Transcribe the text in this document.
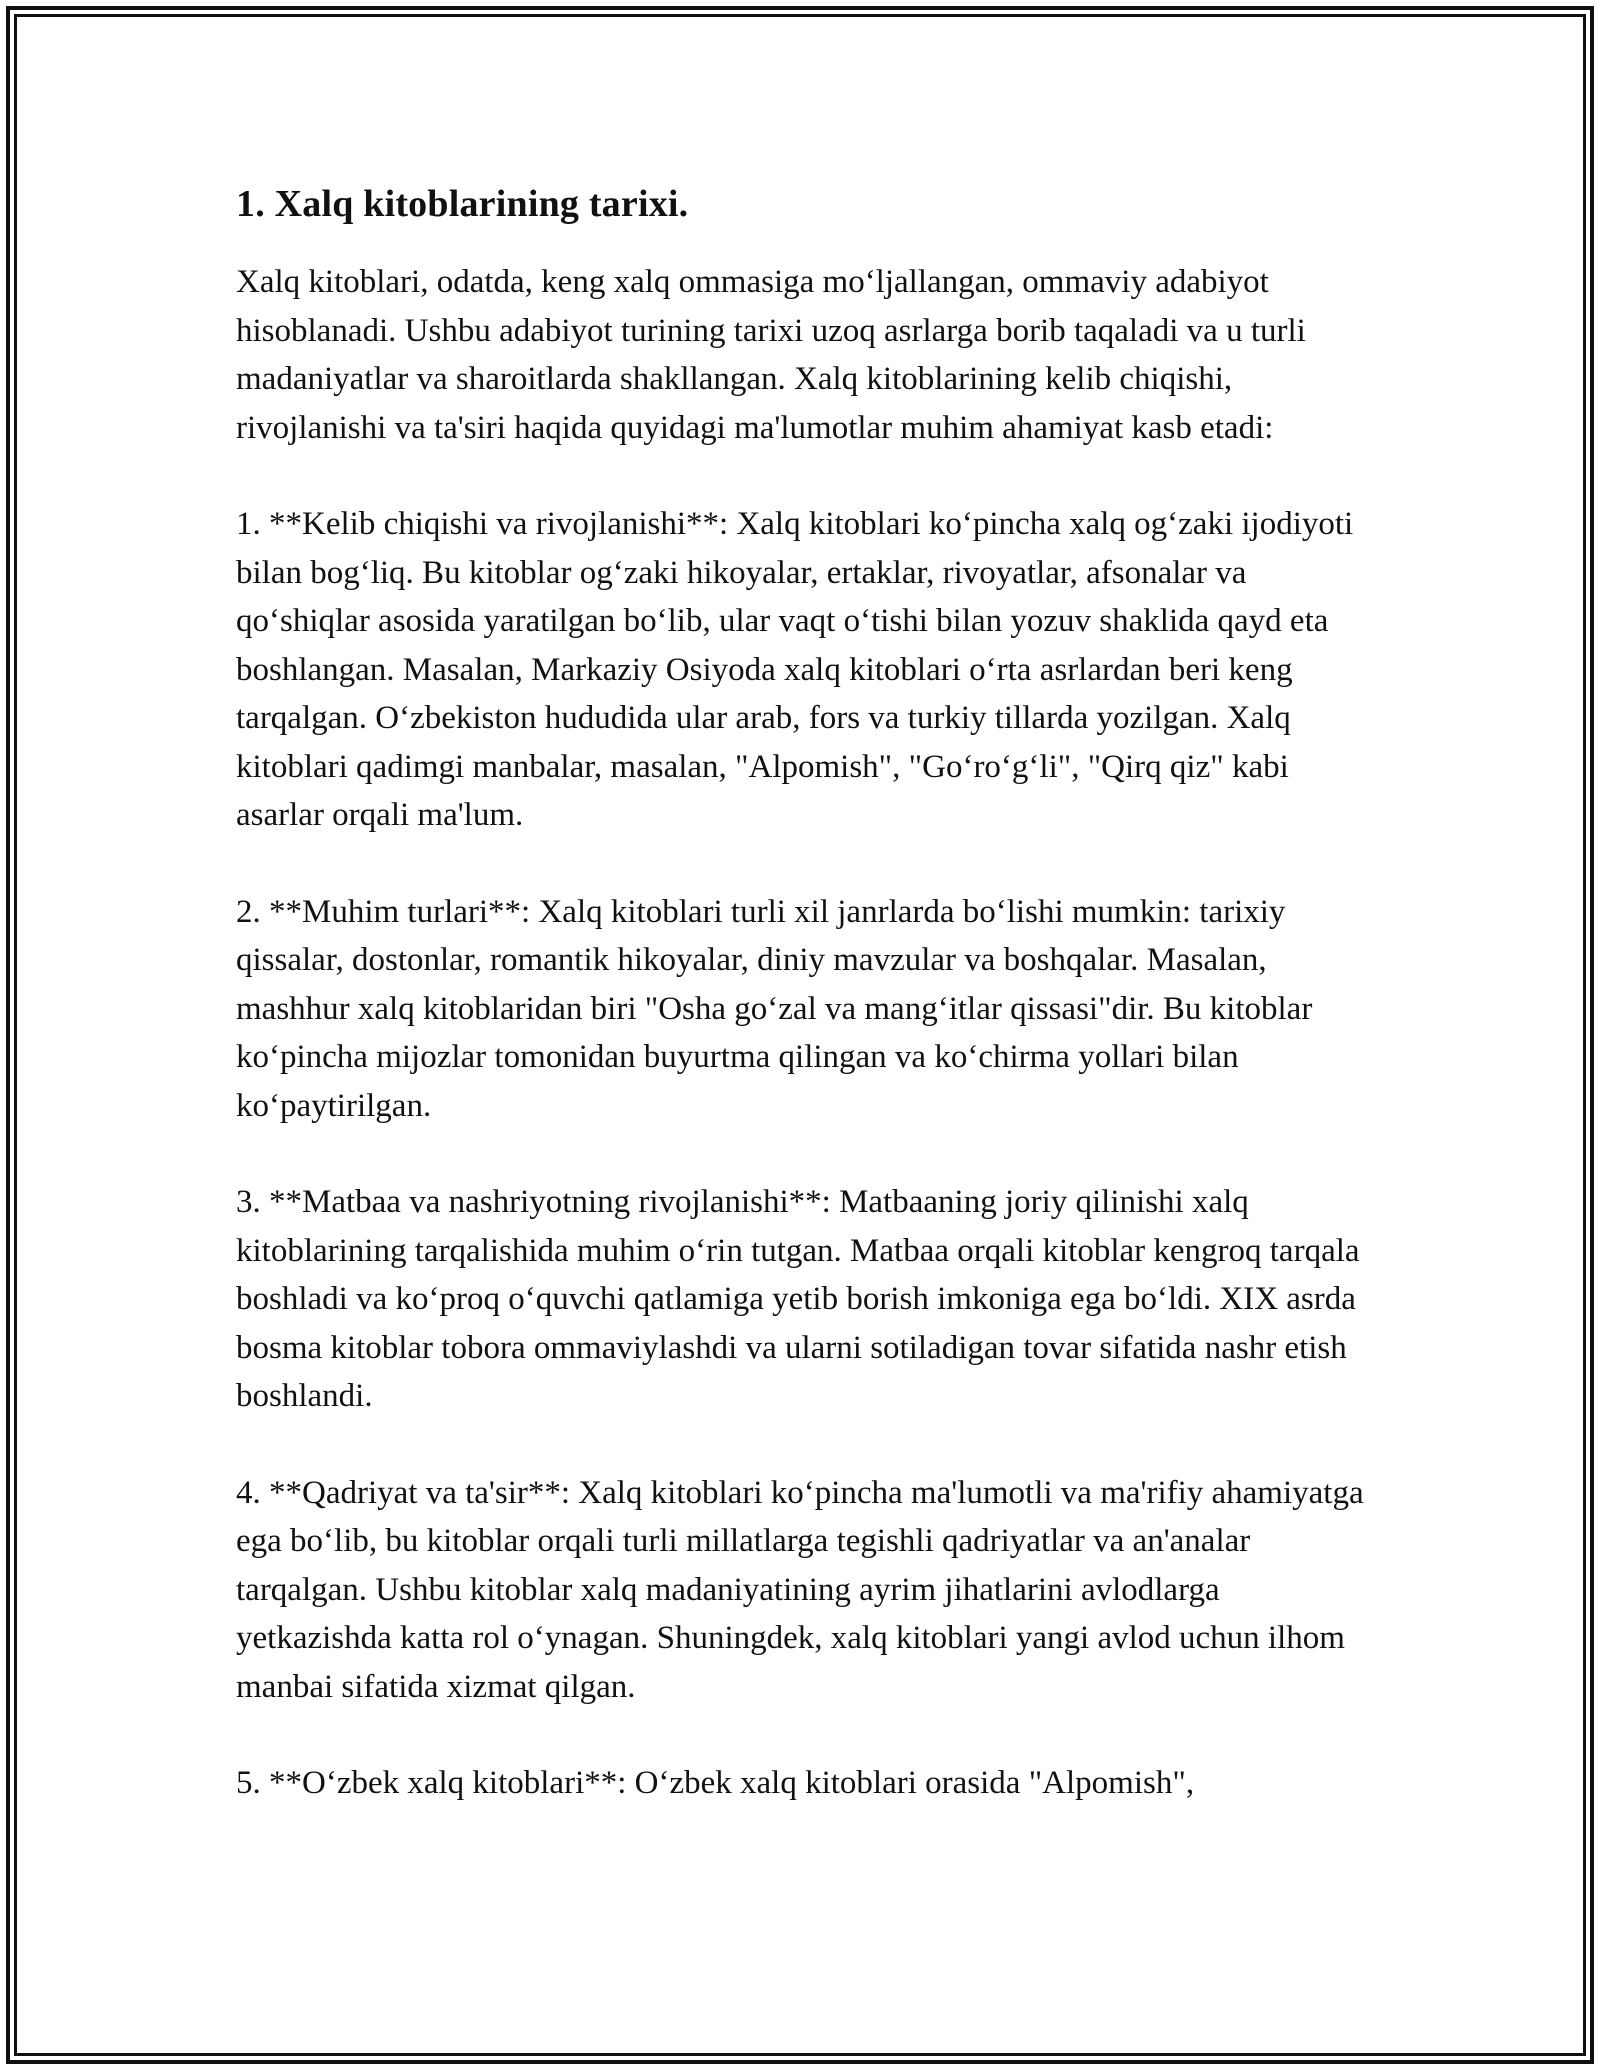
1. Xalq kitoblarining tarixi.

Xalq kitoblari, odatda, keng xalq ommasiga mo‘ljallangan, ommaviy adabiyot hisoblanadi. Ushbu adabiyot turining tarixi uzoq asrlarga borib taqaladi va u turli madaniyatlar va sharoitlarda shakllangan. Xalq kitoblarining kelib chiqishi, rivojlanishi va ta'siri haqida quyidagi ma'lumotlar muhim ahamiyat kasb etadi:

1. **Kelib chiqishi va rivojlanishi**: Xalq kitoblari ko‘pincha xalq og‘zaki ijodiyoti bilan bog‘liq. Bu kitoblar og‘zaki hikoyalar, ertaklar, rivoyatlar, afsonalar va qo‘shiqlar asosida yaratilgan bo‘lib, ular vaqt o‘tishi bilan yozuv shaklida qayd eta boshlangan. Masalan, Markaziy Osiyoda xalq kitoblari o‘rta asrlardan beri keng tarqalgan. O‘zbekiston hududida ular arab, fors va turkiy tillarda yozilgan. Xalq kitoblari qadimgi manbalar, masalan, "Alpomish", "Go‘ro‘g‘li", "Qirq qiz" kabi asarlar orqali ma'lum.

2. **Muhim turlari**: Xalq kitoblari turli xil janrlarda bo‘lishi mumkin: tarixiy qissalar, dostonlar, romantik hikoyalar, diniy mavzular va boshqalar. Masalan, mashhur xalq kitoblaridan biri "Osha go‘zal va mang‘itlar qissasi"dir. Bu kitoblar ko‘pincha mijozlar tomonidan buyurtma qilingan va ko‘chirma yollari bilan ko‘paytirilgan.

3. **Matbaa va nashriyotning rivojlanishi**: Matbaaning joriy qilinishi xalq kitoblarining tarqalishida muhim o‘rin tutgan. Matbaa orqali kitoblar kengroq tarqala boshladi va ko‘proq o‘quvchi qatlamiga yetib borish imkoniga ega bo‘ldi. XIX asrda bosma kitoblar tobora ommaviylashdi va ularni sotiladigan tovar sifatida nashr etish boshlandi.

4. **Qadriyat va ta'sir**: Xalq kitoblari ko‘pincha ma'lumotli va ma'rifiy ahamiyatga ega bo‘lib, bu kitoblar orqali turli millatlarga tegishli qadriyatlar va an'analar tarqalgan. Ushbu kitoblar xalq madaniyatining ayrim jihatlarini avlodlarga yetkazishda katta rol o‘ynagan. Shuningdek, xalq kitoblari yangi avlod uchun ilhom manbai sifatida xizmat qilgan.

5. **O‘zbek xalq kitoblari**: O‘zbek xalq kitoblari orasida "Alpomish",
